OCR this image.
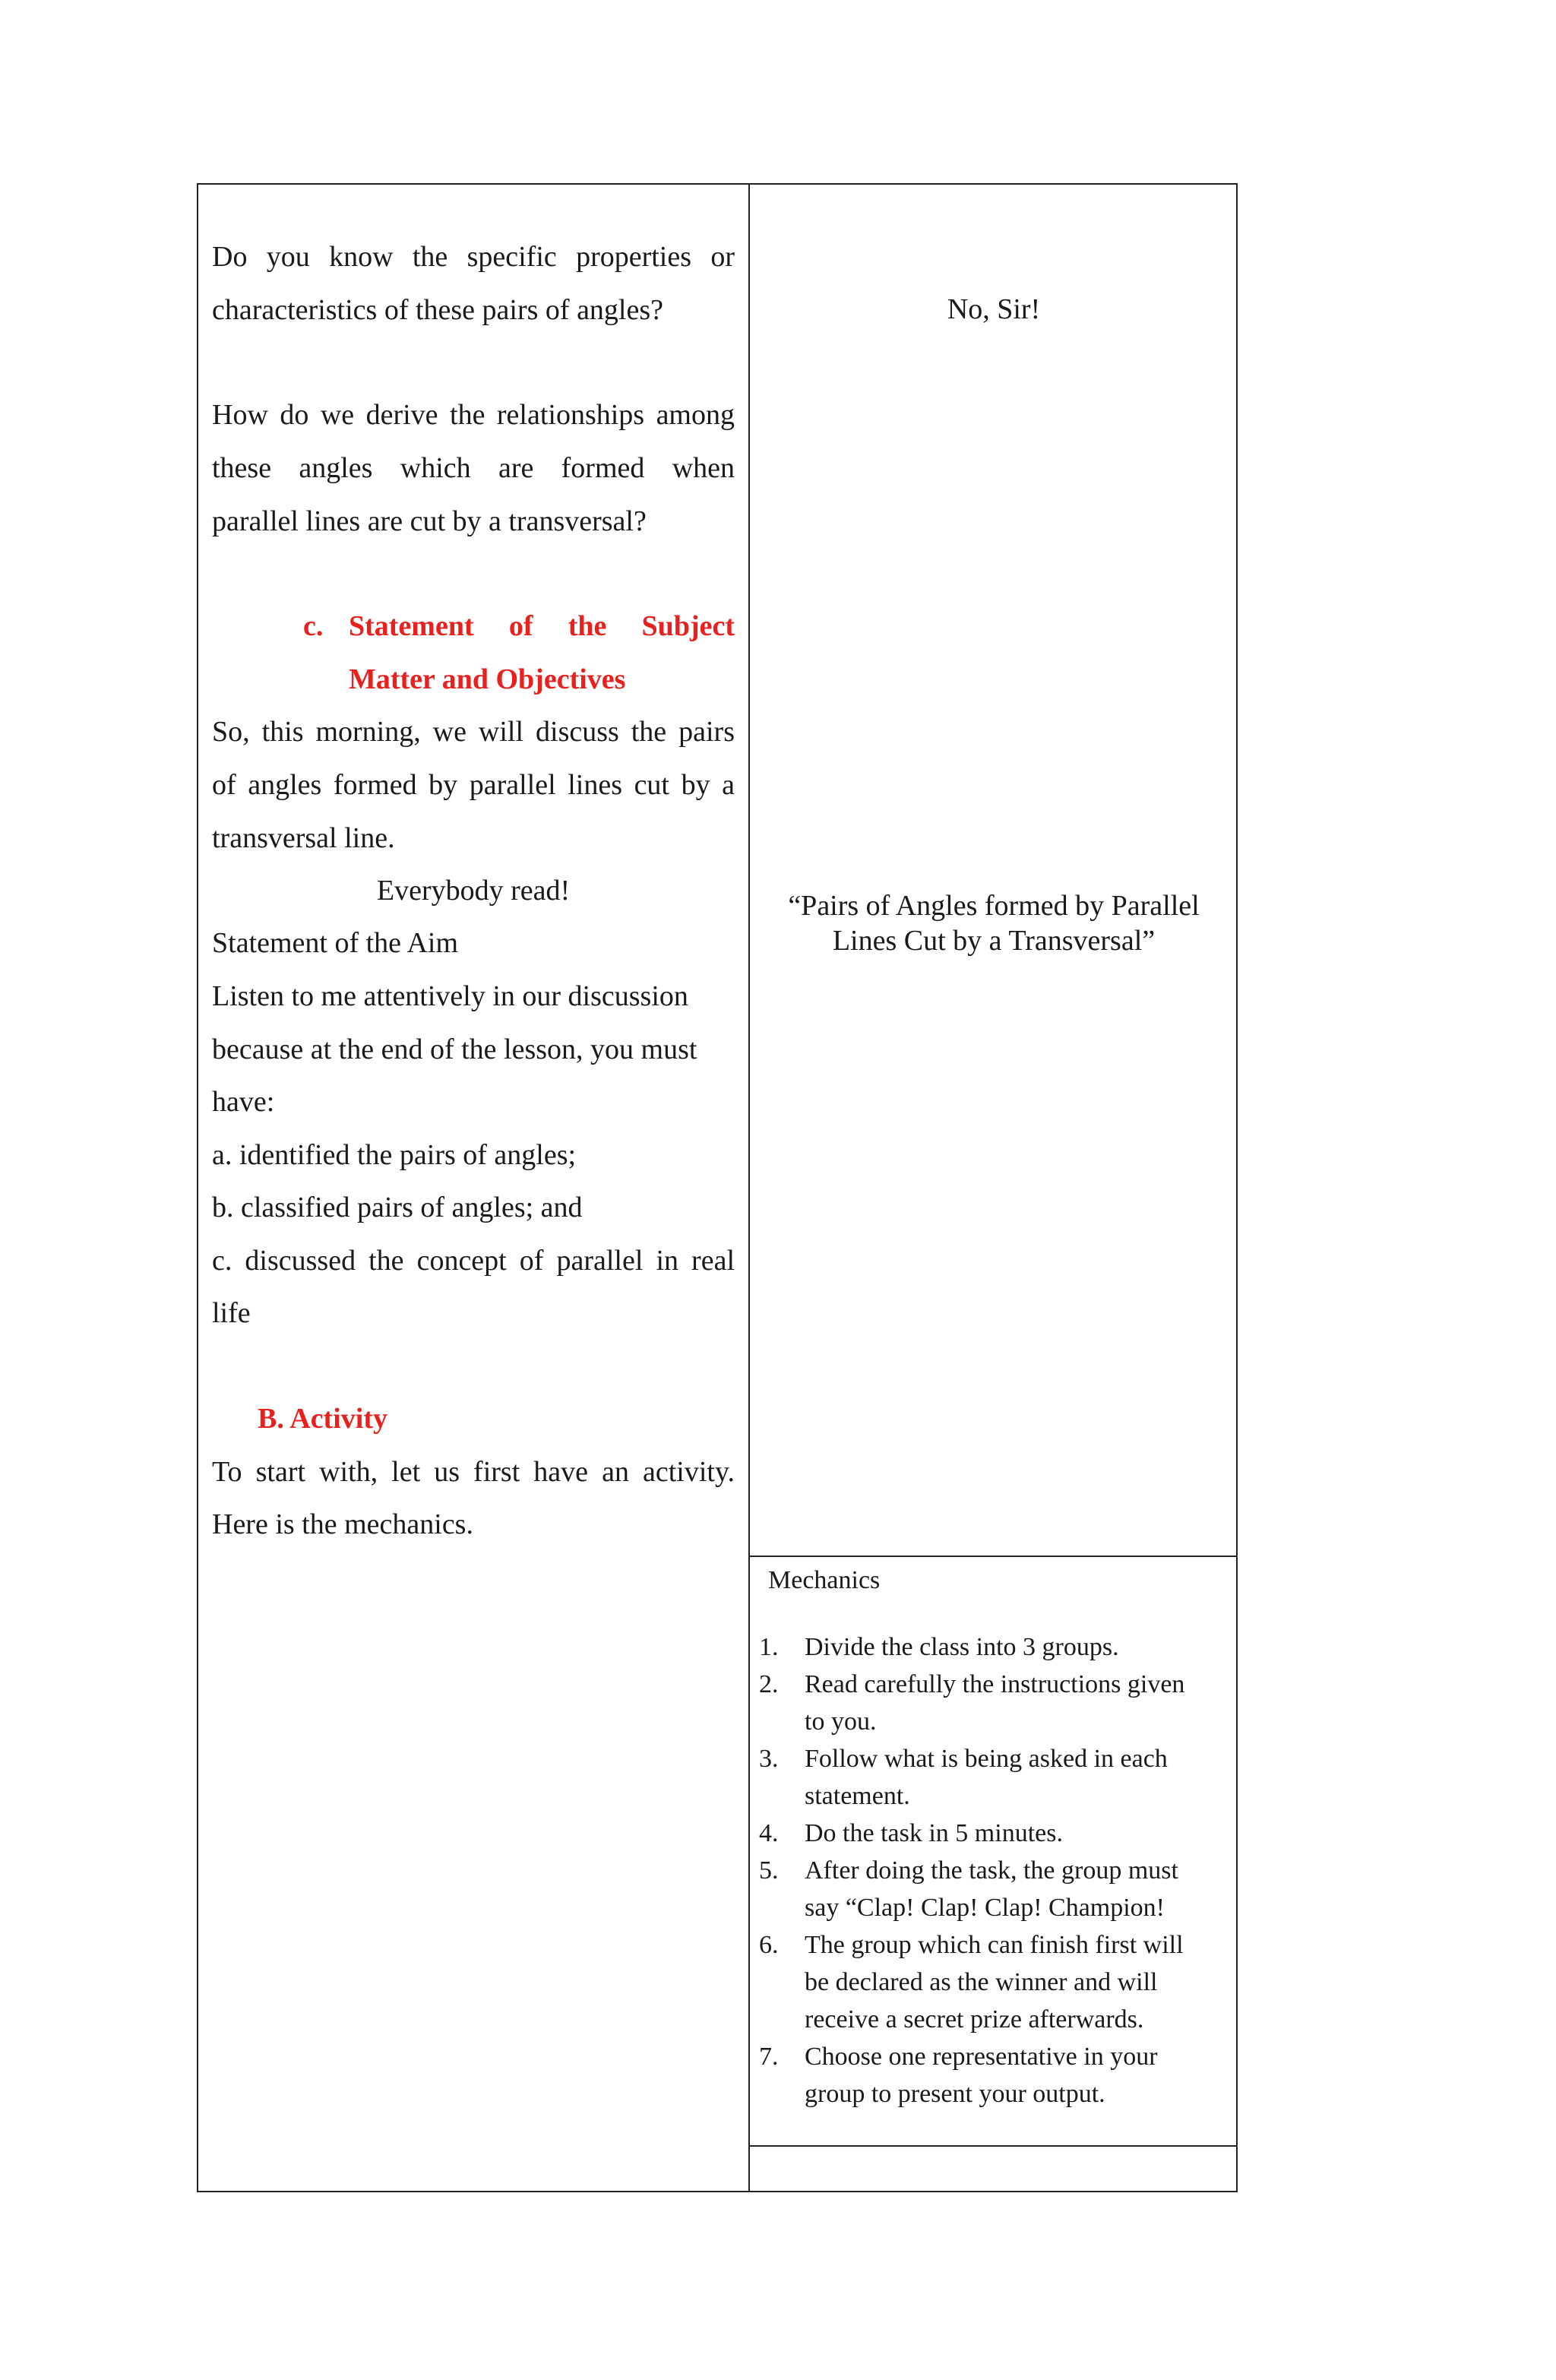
Do you know the specific properties or
characteristics of these pairs of angles?
How do we derive the relationships among
these angles which are formed when
parallel lines are cut by a transversal?
c. Statement of the Subject
Matter and Objectives
So, this morning, we will discuss the pairs
of angles formed by parallel lines cut by a
transversal line.
Everybody read!
Statement of the Aim
Listen to me attentively in our discussion
because at the end of the lesson, you must
have:
a. identified the pairs of angles;
b. classified pairs of angles; and
c. discussed the concept of parallel in real
life
B. Activity
To start with, let us first have an activity.
Here is the mechanics.
No, Sir!
“Pairs of Angles formed by Parallel
Lines Cut by a Transversal”
Mechanics
1. Divide the class into 3 groups.
2. Read carefully the instructions given
to you.
3. Follow what is being asked in each
statement.
4. Do the task in 5 minutes.
5. After doing the task, the group must
say “Clap! Clap! Clap! Champion!
6. The group which can finish first will
be declared as the winner and will
receive a secret prize afterwards.
7. Choose one representative in your
group to present your output.
